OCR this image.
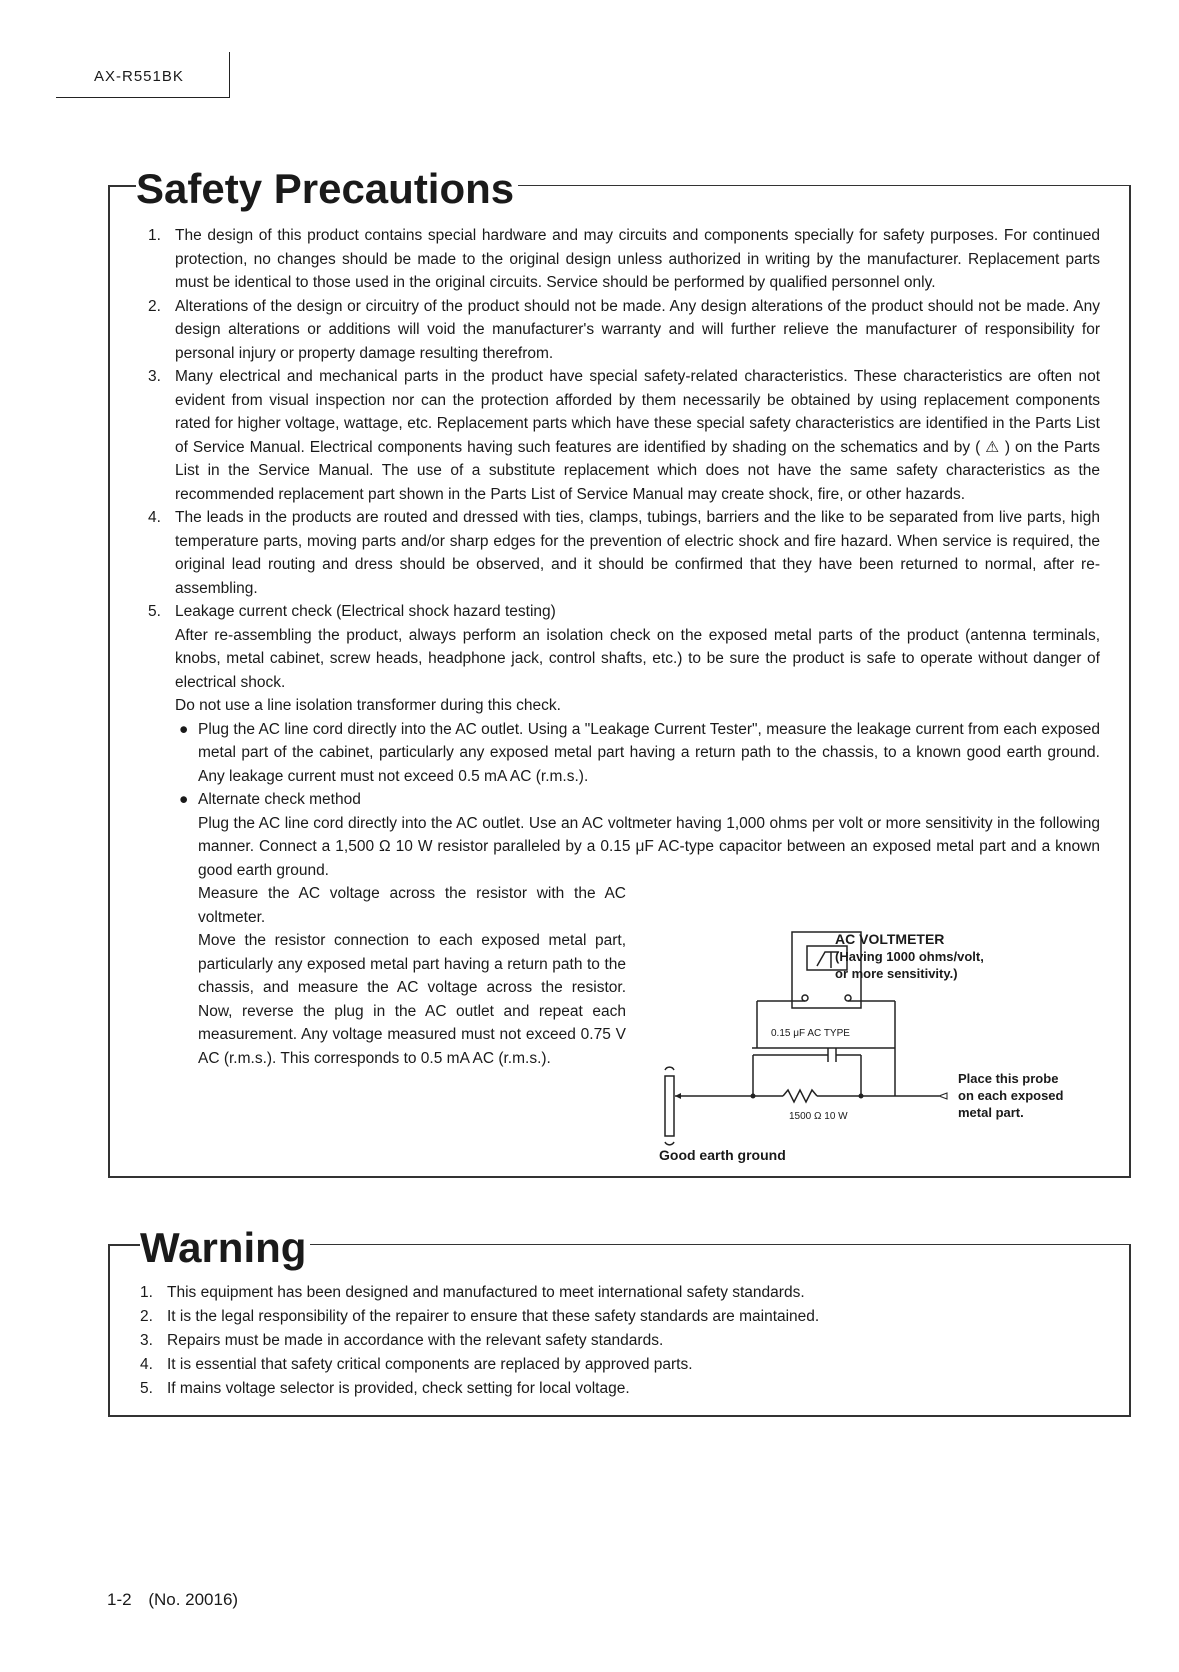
AX-R551BK
Safety Precautions
1. The design of this product contains special hardware and may circuits and components specially for safety purposes. For continued protection, no changes should be made to the original design unless authorized in writing by the manufacturer. Replacement parts must be identical to those used in the original circuits. Service should be performed by qualified personnel only.
2. Alterations of the design or circuitry of the product should not be made. Any design alterations of the product should not be made. Any design alterations or additions will void the manufacturer's warranty and will further relieve the manufacturer of responsibility for personal injury or property damage resulting therefrom.
3. Many electrical and mechanical parts in the product have special safety-related characteristics. These characteristics are often not evident from visual inspection nor can the protection afforded by them necessarily be obtained by using replacement components rated for higher voltage, wattage, etc. Replacement parts which have these special safety characteristics are identified in the Parts List of Service Manual. Electrical components having such features are identified by shading on the schematics and by ( ⚠ ) on the Parts List in the Service Manual. The use of a substitute replacement which does not have the same safety characteristics as the recommended replacement part shown in the Parts List of Service Manual may create shock, fire, or other hazards.
4. The leads in the products are routed and dressed with ties, clamps, tubings, barriers and the like to be separated from live parts, high temperature parts, moving parts and/or sharp edges for the prevention of electric shock and fire hazard. When service is required, the original lead routing and dress should be observed, and it should be confirmed that they have been returned to normal, after re-assembling.
5. Leakage current check (Electrical shock hazard testing)
After re-assembling the product, always perform an isolation check on the exposed metal parts of the product (antenna terminals, knobs, metal cabinet, screw heads, headphone jack, control shafts, etc.) to be sure the product is safe to operate without danger of electrical shock.
Do not use a line isolation transformer during this check.
● Plug the AC line cord directly into the AC outlet. Using a "Leakage Current Tester", measure the leakage current from each exposed metal part of the cabinet, particularly any exposed metal part having a return path to the chassis, to a known good earth ground. Any leakage current must not exceed 0.5 mA AC (r.m.s.).
● Alternate check method
Plug the AC line cord directly into the AC outlet. Use an AC voltmeter having 1,000 ohms per volt or more sensitivity in the following manner. Connect a 1,500 Ω 10 W resistor paralleled by a 0.15 μF AC-type capacitor between an exposed metal part and a known good earth ground.
Measure the AC voltage across the resistor with the AC voltmeter.
Move the resistor connection to each exposed metal part, particularly any exposed metal part having a return path to the chassis, and measure the AC voltage across the resistor. Now, reverse the plug in the AC outlet and repeat each measurement. Any voltage measured must not exceed 0.75 V AC (r.m.s.). This corresponds to 0.5 mA AC (r.m.s.).
AC VOLTMETER
(Having 1000 ohms/volt,
or more sensitivity.)
0.15 μF AC TYPE
1500 Ω 10 W
Place this probe
on each exposed
metal part.
Good earth ground
Warning
1. This equipment has been designed and manufactured to meet international safety standards.
2. It is the legal responsibility of the repairer to ensure that these safety standards are maintained.
3. Repairs must be made in accordance with the relevant safety standards.
4. It is essential that safety critical components are replaced by approved parts.
5. If mains voltage selector is provided, check setting for local voltage.
1-2 (No. 20016)
